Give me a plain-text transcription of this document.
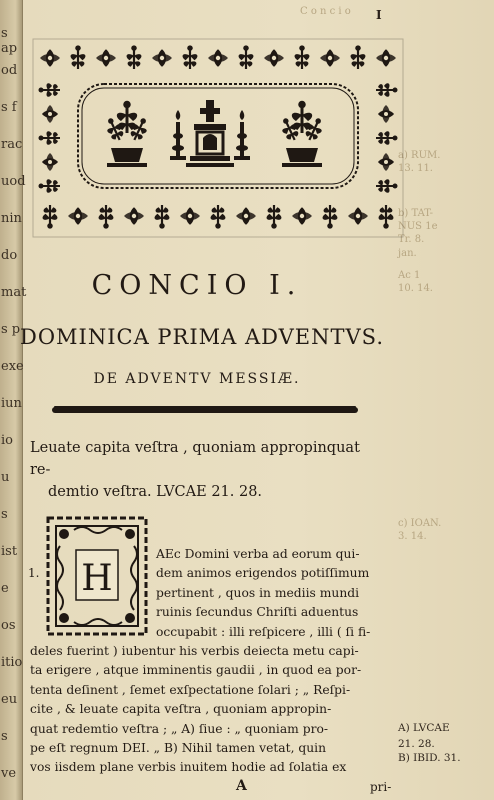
s ap
od
s f
rac
uod
nin
do
mat
s p
exe
iun
io
u
s
ist
e
os
itio
eu
s
ve
I
C o n c i o
a) RUM.
13. 11.
b) TAT-
NUS 1e
Tr. 8.
jan.
Ac 1
10. 14.
c) IOAN.
3. 14.
CONCIO I.
DOMINICA PRIMA ADVENTVS.
DE ADVENTV MESSIÆ.
Leuate capita veſtra , quoniam appropinquat re-
demtio veſtra. LVCAE 21. 28.
1. H
AEc Domini verba ad eorum qui-
dem animos erigendos potiſſimum
pertinent , quos in mediis mundi
ruinis ſecundus Chriſti aduentus
occupabit : illi reſpicere , illi ( ſi fi-
deles fuerint ) iubentur his verbis deiecta metu capi-
ta erigere , atque imminentis gaudii , in quod ea por-
tenta deſinent , ſemet exſpectatione ſolari ; „ Reſpi-
cite , & leuate capita veſtra , quoniam appropin-
quat redemtio veſtra ; „ A) ſiue : „ quoniam pro-
pe eſt regnum DEI. „ B) Nihil tamen vetat, quin
vos iisdem plane verbis inuitem hodie ad ſolatia ex
A) LVCAE
21. 28.
B) IBID. 31.
A	pri-
